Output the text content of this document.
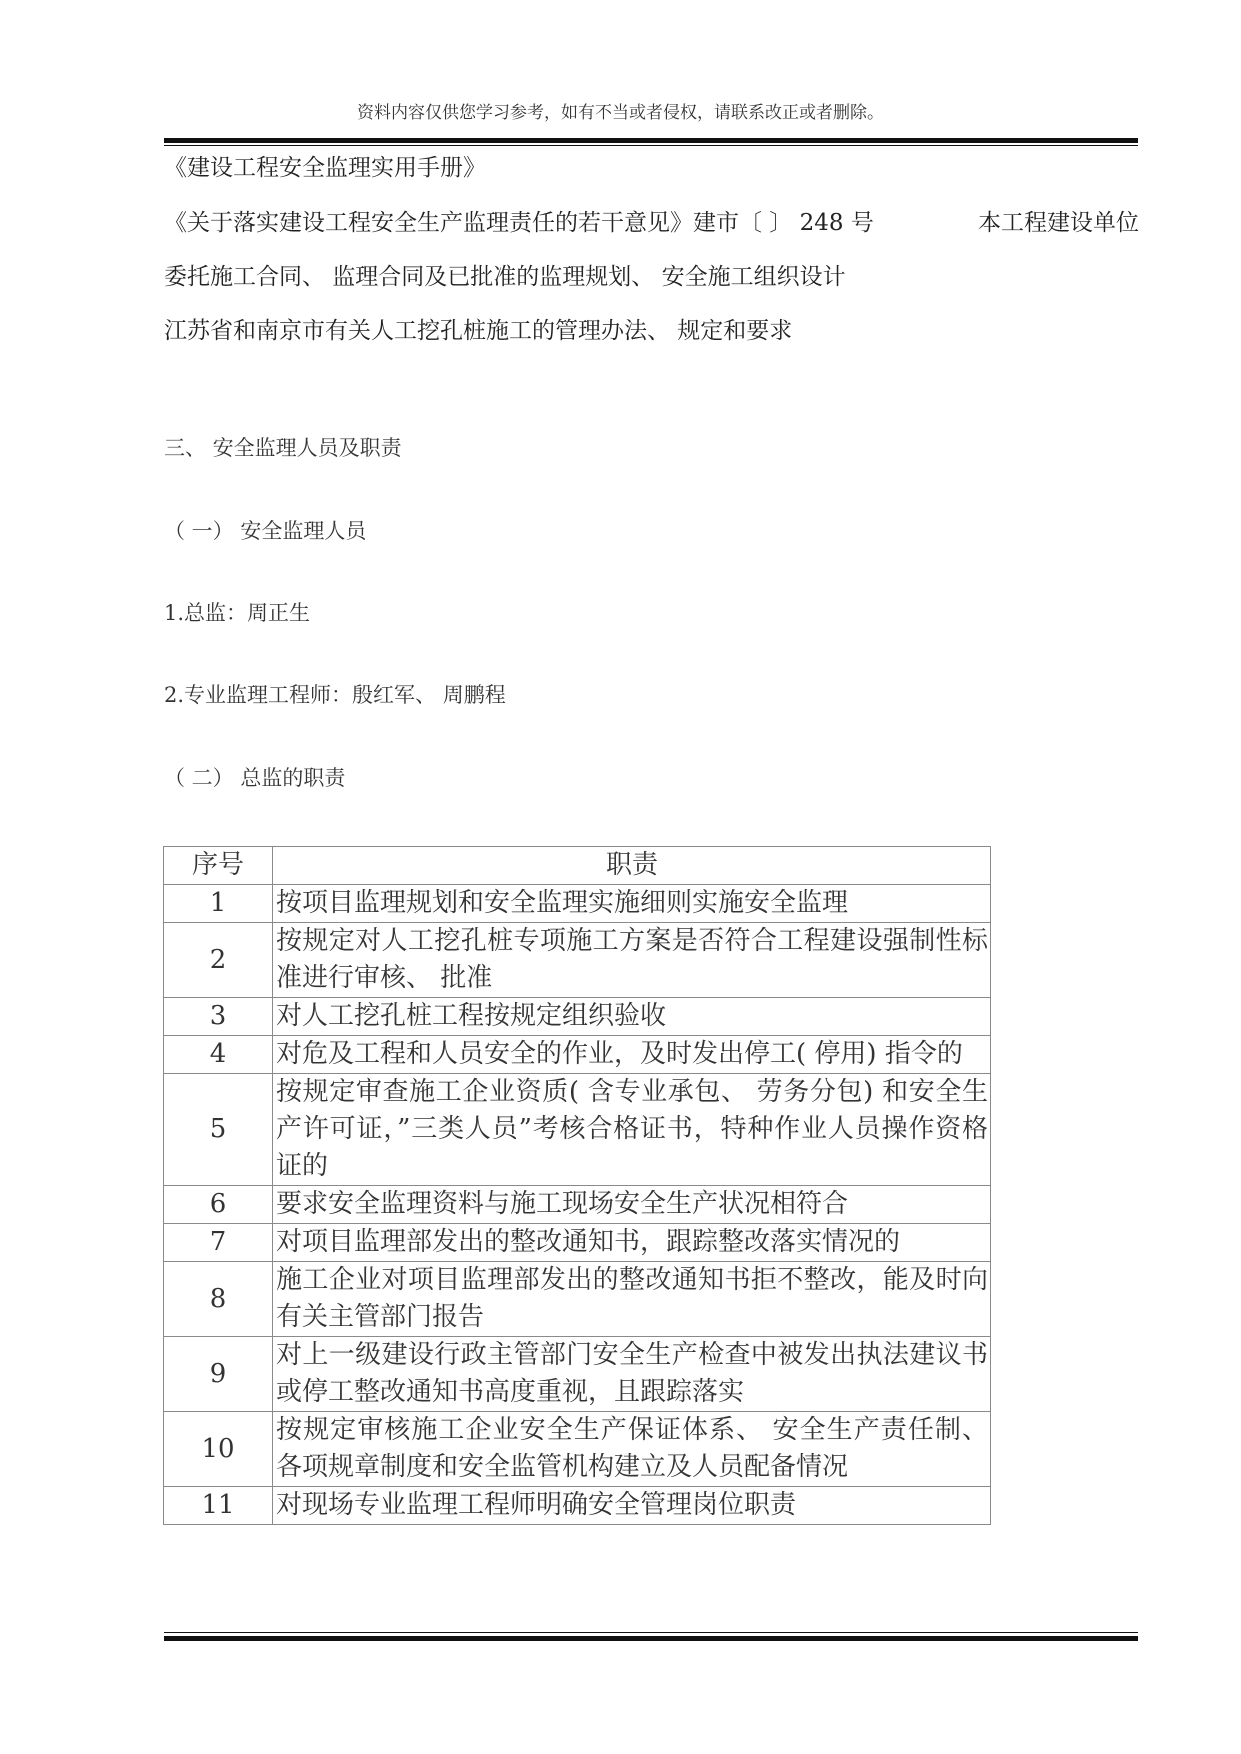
资料内容仅供您学习参考，如有不当或者侵权，请联系改正或者删除。
《建设工程安全监理实用手册》
《关于落实建设工程安全生产监理责任的若干意见》建市〔 〕 248 号	本工程建设单位
委托施工合同、 监理合同及已批准的监理规划、 安全施工组织设计
江苏省和南京市有关人工挖孔桩施工的管理办法、 规定和要求
三、 安全监理人员及职责
（ 一） 安全监理人员
1.总监：周正生
2.专业监理工程师：殷红军、 周鹏程
（ 二） 总监的职责
序号	职责
1	按项目监理规划和安全监理实施细则实施安全监理
2	按规定对人工挖孔桩专项施工方案是否符合工程建设强制性标准进行审核、 批准
3	对人工挖孔桩工程按规定组织验收
4	对危及工程和人员安全的作业，及时发出停工( 停用) 指令的
5	按规定审查施工企业资质( 含专业承包、 劳务分包) 和安全生产许可证，”三类人员”考核合格证书，特种作业人员操作资格证的
6	要求安全监理资料与施工现场安全生产状况相符合
7	对项目监理部发出的整改通知书，跟踪整改落实情况的
8	施工企业对项目监理部发出的整改通知书拒不整改，能及时向有关主管部门报告
9	对上一级建设行政主管部门安全生产检查中被发出执法建议书或停工整改通知书高度重视，且跟踪落实
10	按规定审核施工企业安全生产保证体系、 安全生产责任制、 各项规章制度和安全监管机构建立及人员配备情况
11	对现场专业监理工程师明确安全管理岗位职责
